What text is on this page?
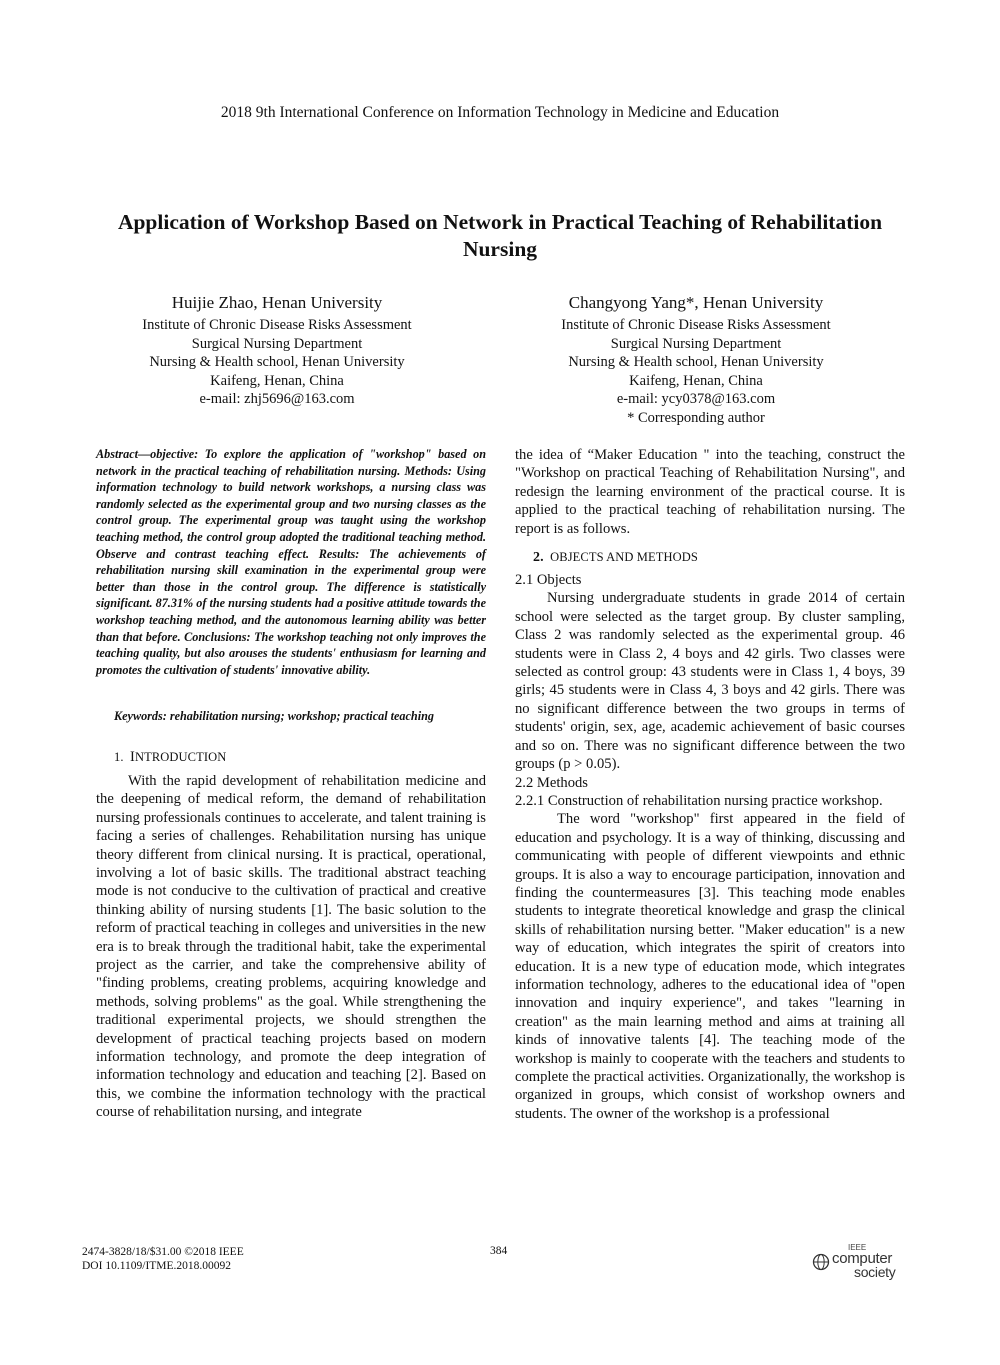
2018 9th International Conference on Information Technology in Medicine and Education
Application of Workshop Based on Network in Practical Teaching of Rehabilitation Nursing
Huijie Zhao, Henan University
Institute of Chronic Disease Risks Assessment
Surgical Nursing Department
Nursing & Health school, Henan University
Kaifeng, Henan, China
e-mail: zhj5696@163.com
Changyong Yang*, Henan University
Institute of Chronic Disease Risks Assessment
Surgical Nursing Department
Nursing & Health school, Henan University
Kaifeng, Henan, China
e-mail: ycy0378@163.com
* Corresponding author

Abstract—objective: To explore the application of "workshop" based on network in the practical teaching of rehabilitation nursing. Methods: Using information technology to build network workshops, a nursing class was randomly selected as the experimental group and two nursing classes as the control group. The experimental group was taught using the workshop teaching method, the control group adopted the traditional teaching method. Observe and contrast teaching effect. Results: The achievements of rehabilitation nursing skill examination in the experimental group were better than those in the control group. The difference is statistically significant. 87.31% of the nursing students had a positive attitude towards the workshop teaching method, and the autonomous learning ability was better than that before. Conclusions: The workshop teaching not only improves the teaching quality, but also arouses the students' enthusiasm for learning and promotes the cultivation of students' innovative ability.

Keywords: rehabilitation nursing; workshop; practical teaching

1. INTRODUCTION

With the rapid development of rehabilitation medicine and the deepening of medical reform, the demand of rehabilitation nursing professionals continues to accelerate, and talent training is facing a series of challenges. Rehabilitation nursing has unique theory different from clinical nursing. It is practical, operational, involving a lot of basic skills. The traditional abstract teaching mode is not conducive to the cultivation of practical and creative thinking ability of nursing students [1]. The basic solution to the reform of practical teaching in colleges and universities in the new era is to break through the traditional habit, take the experimental project as the carrier, and take the comprehensive ability of "finding problems, creating problems, acquiring knowledge and methods, solving problems" as the goal. While strengthening the traditional experimental projects, we should strengthen the development of practical teaching projects based on modern information technology, and promote the deep integration of information technology and education and teaching [2]. Based on this, we combine the information technology with the practical course of rehabilitation nursing, and integrate

the idea of “Maker Education " into the teaching, construct the "Workshop on practical Teaching of Rehabilitation Nursing", and redesign the learning environment of the practical course. It is applied to the practical teaching of rehabilitation nursing. The report is as follows.

2. OBJECTS AND METHODS

2.1 Objects

Nursing undergraduate students in grade 2014 of certain school were selected as the target group. By cluster sampling, Class 2 was randomly selected as the experimental group. 46 students were in Class 2, 4 boys and 42 girls. Two classes were selected as control group: 43 students were in Class 1, 4 boys, 39 girls; 45 students were in Class 4, 3 boys and 42 girls. There was no significant difference between the two groups in terms of students' origin, sex, age, academic achievement of basic courses and so on. There was no significant difference between the two groups (p > 0.05).

2.2 Methods

2.2.1 Construction of rehabilitation nursing practice workshop.

The word "workshop" first appeared in the field of education and psychology. It is a way of thinking, discussing and communicating with people of different viewpoints and ethnic groups. It is also a way to encourage participation, innovation and finding the countermeasures [3]. This teaching mode enables students to integrate theoretical knowledge and grasp the clinical skills of rehabilitation nursing better. "Maker education" is a new way of education, which integrates the spirit of creators into education. It is a new type of education mode, which integrates information technology, adheres to the educational idea of "open innovation and inquiry experience", and takes "learning in creation" as the main learning method and aims at training all kinds of innovative talents [4]. The teaching mode of the workshop is mainly to cooperate with the teachers and students to complete the practical activities. Organizationally, the workshop is organized in groups, which consist of workshop owners and students. The owner of the workshop is a professional

2474-3828/18/$31.00 ©2018 IEEE
DOI 10.1109/ITME.2018.00092
384	IEEE
computer
society
